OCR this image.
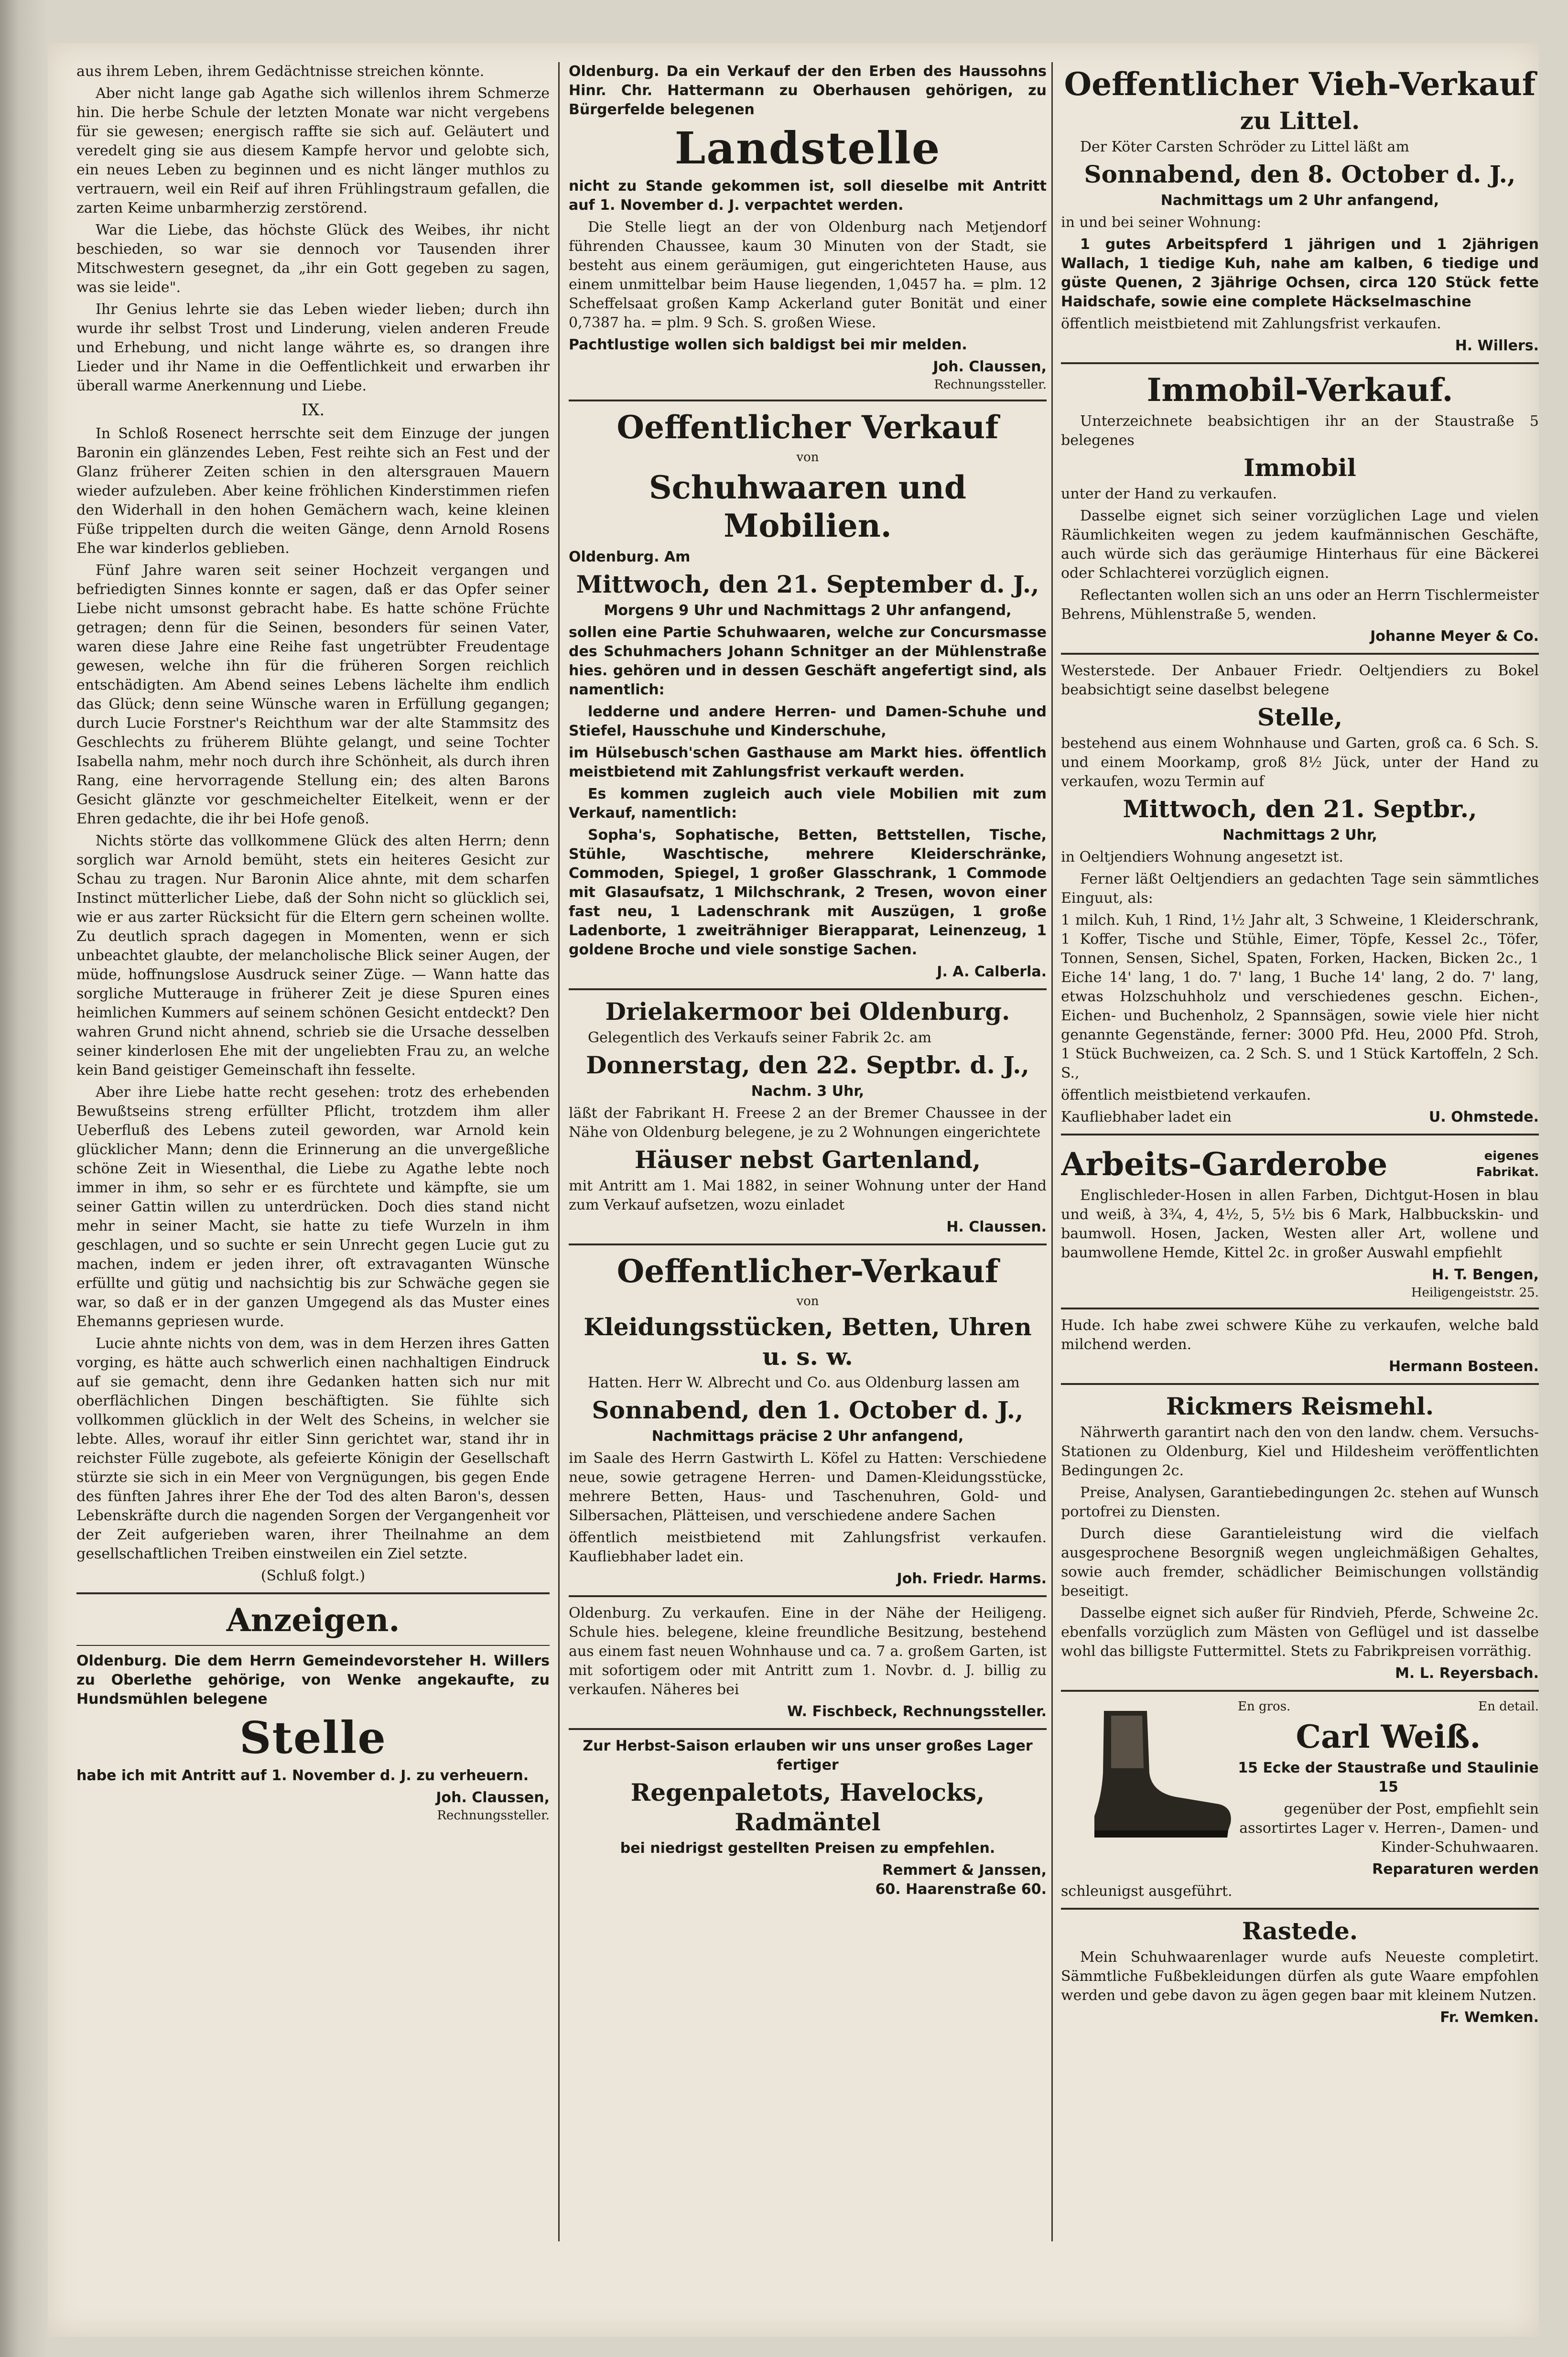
aus ihrem Leben, ihrem Gedächtnisse streichen könnte.

Aber nicht lange gab Agathe sich willenlos ihrem Schmerze hin. Die herbe Schule der letzten Monate war nicht vergebens für sie gewesen; energisch raffte sie sich auf. Geläutert und veredelt ging sie aus diesem Kampfe hervor und gelobte sich, ein neues Leben zu beginnen und es nicht länger muthlos zu vertrauern, weil ein Reif auf ihren Frühlingstraum gefallen, die zarten Keime unbarmherzig zerstörend.

War die Liebe, das höchste Glück des Weibes, ihr nicht beschieden, so war sie dennoch vor Tausenden ihrer Mitschwestern gesegnet, da „ihr ein Gott gegeben zu sagen, was sie leide".

Ihr Genius lehrte sie das Leben wieder lieben; durch ihn wurde ihr selbst Trost und Linderung, vielen anderen Freude und Erhebung, und nicht lange währte es, so drangen ihre Lieder und ihr Name in die Oeffentlichkeit und erwarben ihr überall warme Anerkennung und Liebe.

IX.

In Schloß Rosenect herrschte seit dem Einzuge der jungen Baronin ein glänzendes Leben, Fest reihte sich an Fest und der Glanz früherer Zeiten schien in den altersgrauen Mauern wieder aufzuleben. Aber keine fröhlichen Kinderstimmen riefen den Widerhall in den hohen Gemächern wach, keine kleinen Füße trippelten durch die weiten Gänge, denn Arnold Rosens Ehe war kinderlos geblieben.

Fünf Jahre waren seit seiner Hochzeit vergangen und befriedigten Sinnes konnte er sagen, daß er das Opfer seiner Liebe nicht umsonst gebracht habe. Es hatte schöne Früchte getragen; denn für die Seinen, besonders für seinen Vater, waren diese Jahre eine Reihe fast ungetrübter Freudentage gewesen, welche ihn für die früheren Sorgen reichlich entschädigten. Am Abend seines Lebens lächelte ihm endlich das Glück; denn seine Wünsche waren in Erfüllung gegangen; durch Lucie Forstner's Reichthum war der alte Stammsitz des Geschlechts zu früherem Blühte gelangt, und seine Tochter Isabella nahm, mehr noch durch ihre Schönheit, als durch ihren Rang, eine hervorragende Stellung ein; des alten Barons Gesicht glänzte vor geschmeichelter Eitelkeit, wenn er der Ehren gedachte, die ihr bei Hofe genoß.

Nichts störte das vollkommene Glück des alten Herrn; denn sorglich war Arnold bemüht, stets ein heiteres Gesicht zur Schau zu tragen. Nur Baronin Alice ahnte, mit dem scharfen Instinct mütterlicher Liebe, daß der Sohn nicht so glücklich sei, wie er aus zarter Rücksicht für die Eltern gern scheinen wollte. Zu deutlich sprach dagegen in Momenten, wenn er sich unbeachtet glaubte, der melancholische Blick seiner Augen, der müde, hoffnungslose Ausdruck seiner Züge. — Wann hatte das sorgliche Mutterauge in früherer Zeit je diese Spuren eines heimlichen Kummers auf seinem schönen Gesicht entdeckt? Den wahren Grund nicht ahnend, schrieb sie die Ursache desselben seiner kinderlosen Ehe mit der ungeliebten Frau zu, an welche kein Band geistiger Gemeinschaft ihn fesselte.

Aber ihre Liebe hatte recht gesehen: trotz des erhebenden Bewußtseins streng erfüllter Pflicht, trotzdem ihm aller Ueberfluß des Lebens zuteil geworden, war Arnold kein glücklicher Mann; denn die Erinnerung an die unvergeßliche schöne Zeit in Wiesenthal, die Liebe zu Agathe lebte noch immer in ihm, so sehr er es fürchtete und kämpfte, sie um seiner Gattin willen zu unterdrücken. Doch dies stand nicht mehr in seiner Macht, sie hatte zu tiefe Wurzeln in ihm geschlagen, und so suchte er sein Unrecht gegen Lucie gut zu machen, indem er jeden ihrer, oft extravaganten Wünsche erfüllte und gütig und nachsichtig bis zur Schwäche gegen sie war, so daß er in der ganzen Umgegend als das Muster eines Ehemanns gepriesen wurde.

Lucie ahnte nichts von dem, was in dem Herzen ihres Gatten vorging, es hätte auch schwerlich einen nachhaltigen Eindruck auf sie gemacht, denn ihre Gedanken hatten sich nur mit oberflächlichen Dingen beschäftigten. Sie fühlte sich vollkommen glücklich in der Welt des Scheins, in welcher sie lebte. Alles, worauf ihr eitler Sinn gerichtet war, stand ihr in reichster Fülle zugebote, als gefeierte Königin der Gesellschaft stürzte sie sich in ein Meer von Vergnügungen, bis gegen Ende des fünften Jahres ihrer Ehe der Tod des alten Baron's, dessen Lebenskräfte durch die nagenden Sorgen der Vergangenheit vor der Zeit aufgerieben waren, ihrer Theilnahme an dem gesellschaftlichen Treiben einstweilen ein Ziel setzte.

(Schluß folgt.)

Anzeigen.

Oldenburg. Die dem Herrn Gemeindevorsteher H. Willers zu Oberlethe gehörige, von Wenke angekaufte, zu Hundsmühlen belegene

Stelle

habe ich mit Antritt auf 1. November d. J. zu verheuern.

Joh. Claussen,

Rechnungssteller.

Oldenburg. Da ein Verkauf der den Erben des Haussohns Hinr. Chr. Hattermann zu Oberhausen gehörigen, zu Bürgerfelde belegenen

Landstelle

nicht zu Stande gekommen ist, soll dieselbe mit Antritt auf 1. November d. J. verpachtet werden.

Die Stelle liegt an der von Oldenburg nach Metjendorf führenden Chaussee, kaum 30 Minuten von der Stadt, sie besteht aus einem geräumigen, gut eingerichteten Hause, aus einem unmittelbar beim Hause liegenden, 1,0457 ha. = plm. 12 Scheffelsaat großen Kamp Ackerland guter Bonität und einer 0,7387 ha. = plm. 9 Sch. S. großen Wiese.

Pachtlustige wollen sich baldigst bei mir melden.

Joh. Claussen,

Rechnungssteller.

Oeffentlicher Verkauf

von

Schuhwaaren und Mobilien.

Oldenburg. Am

Mittwoch, den 21. September d. J.,

Morgens 9 Uhr und Nachmittags 2 Uhr anfangend,

sollen eine Partie Schuhwaaren, welche zur Concursmasse des Schuhmachers Johann Schnitger an der Mühlenstraße hies. gehören und in dessen Geschäft angefertigt sind, als namentlich:

ledderne und andere Herren- und Damen-Schuhe und Stiefel, Hausschuhe und Kinderschuhe,

im Hülsebusch'schen Gasthause am Markt hies. öffentlich meistbietend mit Zahlungsfrist verkauft werden.

Es kommen zugleich auch viele Mobilien mit zum Verkauf, namentlich:

Sopha's, Sophatische, Betten, Bettstellen, Tische, Stühle, Waschtische, mehrere Kleiderschränke, Commoden, Spiegel, 1 großer Glasschrank, 1 Commode mit Glasaufsatz, 1 Milchschrank, 2 Tresen, wovon einer fast neu, 1 Ladenschrank mit Auszügen, 1 große Ladenborte, 1 zweiträhniger Bierapparat, Leinenzeug, 1 goldene Broche und viele sonstige Sachen.

J. A. Calberla.

Drielakermoor bei Oldenburg.

Gelegentlich des Verkaufs seiner Fabrik 2c. am

Donnerstag, den 22. Septbr. d. J.,

Nachm. 3 Uhr,

läßt der Fabrikant H. Freese 2 an der Bremer Chaussee in der Nähe von Oldenburg belegene, je zu 2 Wohnungen eingerichtete

Häuser nebst Gartenland,

mit Antritt am 1. Mai 1882, in seiner Wohnung unter der Hand zum Verkauf aufsetzen, wozu einladet

H. Claussen.

Oeffentlicher-Verkauf

von

Kleidungsstücken, Betten, Uhren u. s. w.

Hatten. Herr W. Albrecht und Co. aus Oldenburg lassen am

Sonnabend, den 1. October d. J.,

Nachmittags präcise 2 Uhr anfangend,

im Saale des Herrn Gastwirth L. Köfel zu Hatten: Verschiedene neue, sowie getragene Herren- und Damen-Kleidungsstücke, mehrere Betten, Haus- und Taschenuhren, Gold- und Silbersachen, Plätteisen, und verschiedene andere Sachen

öffentlich meistbietend mit Zahlungsfrist verkaufen. Kaufliebhaber ladet ein.

Joh. Friedr. Harms.

Oldenburg. Zu verkaufen. Eine in der Nähe der Heiligeng. Schule hies. belegene, kleine freundliche Besitzung, bestehend aus einem fast neuen Wohnhause und ca. 7 a. großem Garten, ist mit sofortigem oder mit Antritt zum 1. Novbr. d. J. billig zu verkaufen. Näheres bei

W. Fischbeck, Rechnungssteller.

Zur Herbst-Saison erlauben wir uns unser großes Lager fertiger

Regenpaletots, Havelocks, Radmäntel

bei niedrigst gestellten Preisen zu empfehlen.

Remmert & Janssen,

60. Haarenstraße 60.

Oeffentlicher Vieh-Verkauf
zu Littel.

Der Köter Carsten Schröder zu Littel läßt am

Sonnabend, den 8. October d. J.,

Nachmittags um 2 Uhr anfangend,

in und bei seiner Wohnung:

1 gutes Arbeitspferd 1 jährigen und 1 2jährigen Wallach, 1 tiedige Kuh, nahe am kalben, 6 tiedige und güste Quenen, 2 3jährige Ochsen, circa 120 Stück fette Haidschafe, sowie eine complete Häckselmaschine

öffentlich meistbietend mit Zahlungsfrist verkaufen.

H. Willers.

Immobil-Verkauf.

Unterzeichnete beabsichtigen ihr an der Staustraße 5 belegenes

Immobil

unter der Hand zu verkaufen.

Dasselbe eignet sich seiner vorzüglichen Lage und vielen Räumlichkeiten wegen zu jedem kaufmännischen Geschäfte, auch würde sich das geräumige Hinterhaus für eine Bäckerei oder Schlachterei vorzüglich eignen.

Reflectanten wollen sich an uns oder an Herrn Tischlermeister Behrens, Mühlenstraße 5, wenden.

Johanne Meyer & Co.

Westerstede. Der Anbauer Friedr. Oeltjendiers zu Bokel beabsichtigt seine daselbst belegene

Stelle,

bestehend aus einem Wohnhause und Garten, groß ca. 6 Sch. S. und einem Moorkamp, groß 8½ Jück, unter der Hand zu verkaufen, wozu Termin auf

Mittwoch, den 21. Septbr.,

Nachmittags 2 Uhr,

in Oeltjendiers Wohnung angesetzt ist.

Ferner läßt Oeltjendiers an gedachten Tage sein sämmtliches Einguut, als:

1 milch. Kuh, 1 Rind, 1½ Jahr alt, 3 Schweine, 1 Kleiderschrank, 1 Koffer, Tische und Stühle, Eimer, Töpfe, Kessel 2c., Töfer, Tonnen, Sensen, Sichel, Spaten, Forken, Hacken, Bicken 2c., 1 Eiche 14' lang, 1 do. 7' lang, 1 Buche 14' lang, 2 do. 7' lang, etwas Holzschuhholz und verschiedenes geschn. Eichen-, Eichen- und Buchenholz, 2 Spannsägen, sowie viele hier nicht genannte Gegenstände, ferner: 3000 Pfd. Heu, 2000 Pfd. Stroh, 1 Stück Buchweizen, ca. 2 Sch. S. und 1 Stück Kartoffeln, 2 Sch. S.,

öffentlich meistbietend verkaufen.

Kaufliebhaber ladet ein	U. Ohmstede.

Arbeits-Garderobe	eigenes Fabrikat.

Englischleder-Hosen in allen Farben, Dichtgut-Hosen in blau und weiß, à 3¾, 4, 4½, 5, 5½ bis 6 Mark, Halbbuckskin- und baumwoll. Hosen, Jacken, Westen aller Art, wollene und baumwollene Hemde, Kittel 2c. in großer Auswahl empfiehlt

H. T. Bengen,

Heiligengeiststr. 25.

Hude. Ich habe zwei schwere Kühe zu verkaufen, welche bald milchend werden.

Hermann Bosteen.

Rickmers Reismehl.

Nährwerth garantirt nach den von den landw. chem. Versuchs-Stationen zu Oldenburg, Kiel und Hildesheim veröffentlichten Bedingungen 2c.

Preise, Analysen, Garantiebedingungen 2c. stehen auf Wunsch portofrei zu Diensten.

Durch diese Garantieleistung wird die vielfach ausgesprochene Besorgniß wegen ungleichmäßigen Gehaltes, sowie auch fremder, schädlicher Beimischungen vollständig beseitigt.

Dasselbe eignet sich außer für Rindvieh, Pferde, Schweine 2c. ebenfalls vorzüglich zum Mästen von Geflügel und ist dasselbe wohl das billigste Futtermittel. Stets zu Fabrikpreisen vorräthig.

M. L. Reyersbach.

En gros.	En detail.
Carl Weiß.

15 Ecke der Staustraße und Staulinie 15

gegenüber der Post, empfiehlt sein assortirtes Lager v. Herren-, Damen- und Kinder-Schuhwaaren.

Reparaturen werden

schleunigst ausgeführt.

Rastede.

Mein Schuhwaarenlager wurde aufs Neueste completirt. Sämmtliche Fußbekleidungen dürfen als gute Waare empfohlen werden und gebe davon zu ägen gegen baar mit kleinem Nutzen.

Fr. Wemken.
